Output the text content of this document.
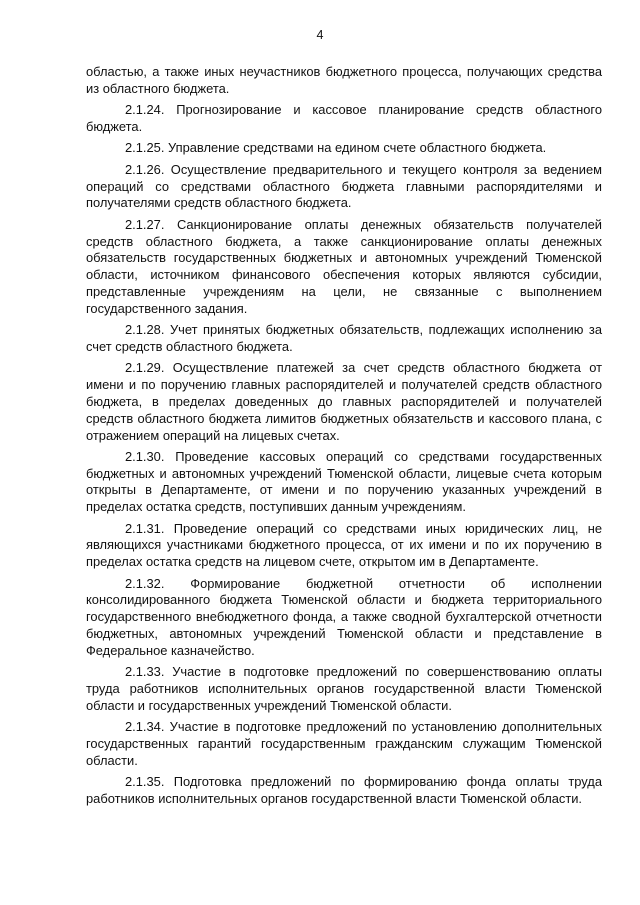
4

областью, а также иных неучастников бюджетного процесса, получающих средства из областного бюджета.

2.1.24. Прогнозирование и кассовое планирование средств областного бюджета.

2.1.25. Управление средствами на едином счете областного бюджета.

2.1.26. Осуществление предварительного и текущего контроля за ведением операций со средствами областного бюджета главными распорядителями и получателями средств областного бюджета.

2.1.27. Санкционирование оплаты денежных обязательств получателей средств областного бюджета, а также санкционирование оплаты денежных обязательств государственных бюджетных и автономных учреждений Тюменской области, источником финансового обеспечения которых являются субсидии, представленные учреждениям на цели, не связанные с выполнением государственного задания.

2.1.28. Учет принятых бюджетных обязательств, подлежащих исполнению за счет средств областного бюджета.

2.1.29. Осуществление платежей за счет средств областного бюджета от имени и по поручению главных распорядителей и получателей средств областного бюджета, в пределах доведенных до главных распорядителей и получателей средств областного бюджета лимитов бюджетных обязательств и кассового плана, с отражением операций на лицевых счетах.

2.1.30. Проведение кассовых операций со средствами государственных бюджетных и автономных учреждений Тюменской области, лицевые счета которым открыты в Департаменте, от имени и по поручению указанных учреждений в пределах остатка средств, поступивших данным учреждениям.

2.1.31. Проведение операций со средствами иных юридических лиц, не являющихся участниками бюджетного процесса, от их имени и по их поручению в пределах остатка средств на лицевом счете, открытом им в Департаменте.

2.1.32. Формирование бюджетной отчетности об исполнении консолидированного бюджета Тюменской области и бюджета территориального государственного внебюджетного фонда, а также сводной бухгалтерской отчетности бюджетных, автономных учреждений Тюменской области и представление в Федеральное казначейство.

2.1.33. Участие в подготовке предложений по совершенствованию оплаты труда работников исполнительных органов государственной власти Тюменской области и государственных учреждений Тюменской области.

2.1.34. Участие в подготовке предложений по установлению дополнительных государственных гарантий государственным гражданским служащим Тюменской области.

2.1.35. Подготовка предложений по формированию фонда оплаты труда работников исполнительных органов государственной власти Тюменской области.
